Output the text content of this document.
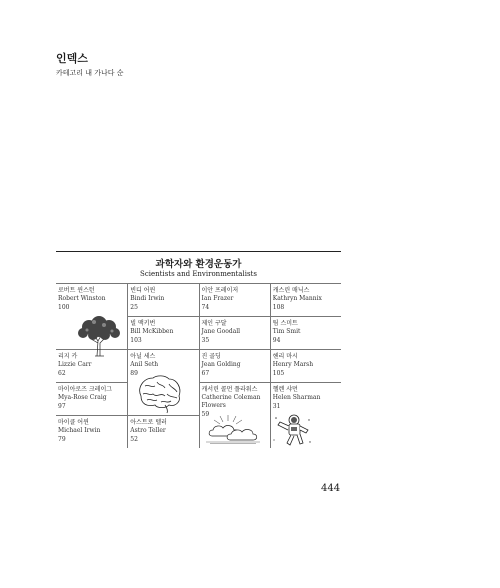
인덱스
카테고리 내 가나다 순
과학자와 환경운동가
Scientists and Environmentalists
로버트 윈스턴
Robert Winston
100
빈디 어윈
Bindi Irwin
25
이안 프레이저
Ian Frazer
74
캐스린 매닉스
Kathryn Mannix
108
빌 맥키번
Bill McKibben
103
제인 구달
Jane Goodall
35
팀 스미트
Tim Smit
94
리지 카
Lizzie Carr
62
아닐 세스
Anil Seth
89
진 골딩
Jean Golding
67
헨리 마시
Henry Marsh
105
마이아로즈 크레이그
Mya-Rose Craig
97
캐서린 콜먼 플라워스
Catherine Coleman Flowers
59
헬렌 샤먼
Helen Sharman
31
마이클 어윈
Michael Irwin
79
아스트로 텔러
Astro Teller
52
444
